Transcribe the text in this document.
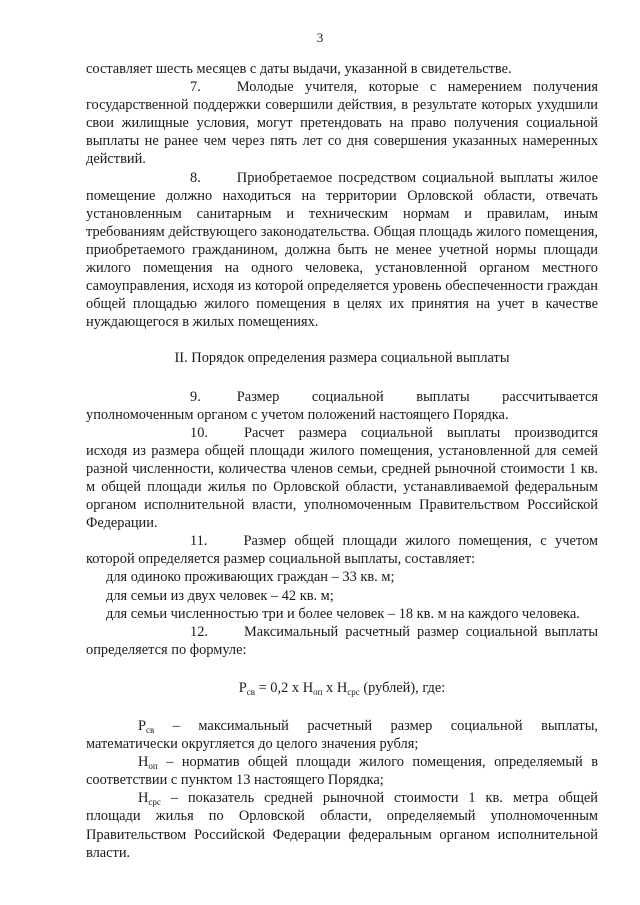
3

составляет шесть месяцев с даты выдачи, указанной в свидетельстве.

7.	Молодые учителя, которые с намерением получения государственной поддержки совершили действия, в результате которых ухудшили свои жилищные условия, могут претендовать на право получения социальной выплаты не ранее чем через пять лет со дня совершения указанных намеренных действий.

8.	Приобретаемое посредством социальной выплаты жилое помещение должно находиться на территории Орловской области, отвечать установленным санитарным и техническим нормам и правилам, иным требованиям действующего законодательства. Общая площадь жилого помещения, приобретаемого гражданином, должна быть не менее учетной нормы площади жилого помещения на одного человека, установленной органом местного самоуправления, исходя из которой определяется уровень обеспеченности граждан общей площадью жилого помещения в целях их принятия на учет в качестве нуждающегося в жилых помещениях.

II. Порядок определения размера социальной выплаты

9.	Размер социальной выплаты рассчитывается уполномоченным органом с учетом положений настоящего Порядка.

10.	Расчет размера социальной выплаты производится исходя из размера общей площади жилого помещения, установленной для семей разной численности, количества членов семьи, средней рыночной стоимости 1 кв. м общей площади жилья по Орловской области, устанавливаемой федеральным органом исполнительной власти, уполномоченным Правительством Российской Федерации.

11.	Размер общей площади жилого помещения, с учетом которой определяется размер социальной выплаты, составляет:

для одиноко проживающих граждан – 33 кв. м;

для семьи из двух человек – 42 кв. м;

для семьи численностью три и более человек – 18 кв. м на каждого человека.

12.	Максимальный расчетный размер социальной выплаты определяется по формуле:

$Р_{св} = 0,2$ х $Н_{оп}$ х $Н_{срс}$ (рублей), где:

$Р_{св}$ – максимальный расчетный размер социальной выплаты, математически округляется до целого значения рубля;

$Н_{оп}$ – норматив общей площади жилого помещения, определяемый в соответствии с пунктом 13 настоящего Порядка;

$Н_{срс}$ – показатель средней рыночной стоимости 1 кв. метра общей площади жилья по Орловской области, определяемый уполномоченным Правительством Российской Федерации федеральным органом исполнительной власти.
